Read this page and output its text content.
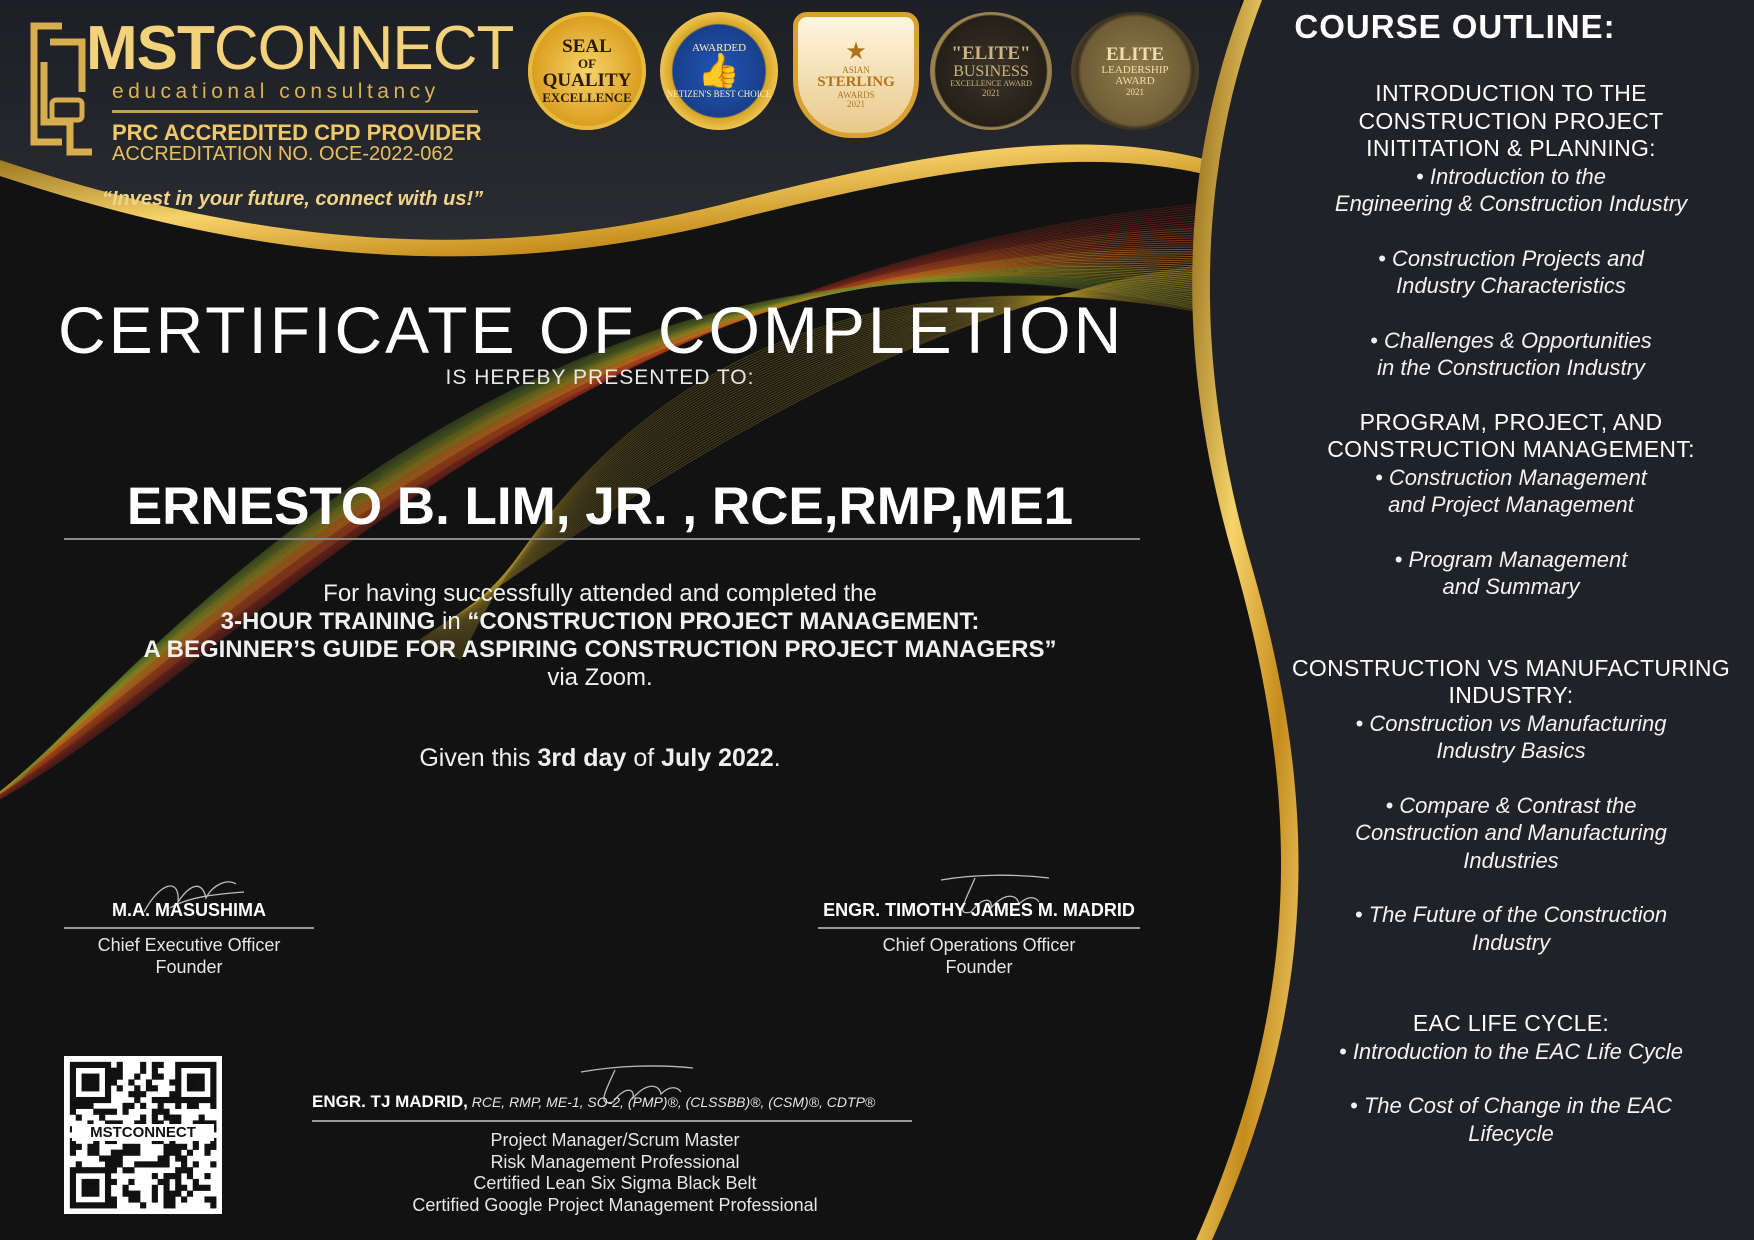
MSTCONNECT
educational consultancy
PRC ACCREDITED CPD PROVIDER
ACCREDITATION NO. OCE-2022-062
“Invest in your future, connect with us!”
SEAL
OF
QUALITY
EXCELLENCE
AWARDED
👍
NETIZEN'S BEST CHOICE
★
ASIAN
STERLING
AWARDS
2021
"ELITE"
BUSINESS
EXCELLENCE AWARD
2021
ELITE
LEADERSHIP
AWARD
2021
CERTIFICATE OF COMPLETION
IS HEREBY PRESENTED TO:
ERNESTO B. LIM, JR. , RCE,RMP,ME1
For having successfully attended and completed the
3-HOUR TRAINING in “CONSTRUCTION PROJECT MANAGEMENT:
A BEGINNER’S GUIDE FOR ASPIRING CONSTRUCTION PROJECT MANAGERS”
via Zoom.
Given this 3rd day of July 2022.
M.A. MASUSHIMA
Chief Executive Officer
Founder
ENGR. TIMOTHY JAMES M. MADRID
Chief Operations Officer
Founder
MSTCONNECT
ENGR. TJ MADRID, RCE, RMP, ME-1, SO-2, (PMP)®, (CLSSBB)®, (CSM)®, CDTP®
Project Manager/Scrum Master
Risk Management Professional
Certified Lean Six Sigma Black Belt
Certified Google Project Management Professional
COURSE OUTLINE:
INTRODUCTION TO THE
CONSTRUCTION PROJECT
INITITATION & PLANNING:
• Introduction to the
Engineering & Construction Industry
• Construction Projects and
Industry Characteristics
• Challenges & Opportunities
in the Construction Industry
PROGRAM, PROJECT, AND
CONSTRUCTION MANAGEMENT:
• Construction Management
and Project Management
• Program Management
and Summary
CONSTRUCTION VS MANUFACTURING
INDUSTRY:
• Construction vs Manufacturing
Industry Basics
• Compare & Contrast the
Construction and Manufacturing
Industries
• The Future of the Construction
Industry
EAC LIFE CYCLE:
• Introduction to the EAC Life Cycle
• The Cost of Change in the EAC
Lifecycle
